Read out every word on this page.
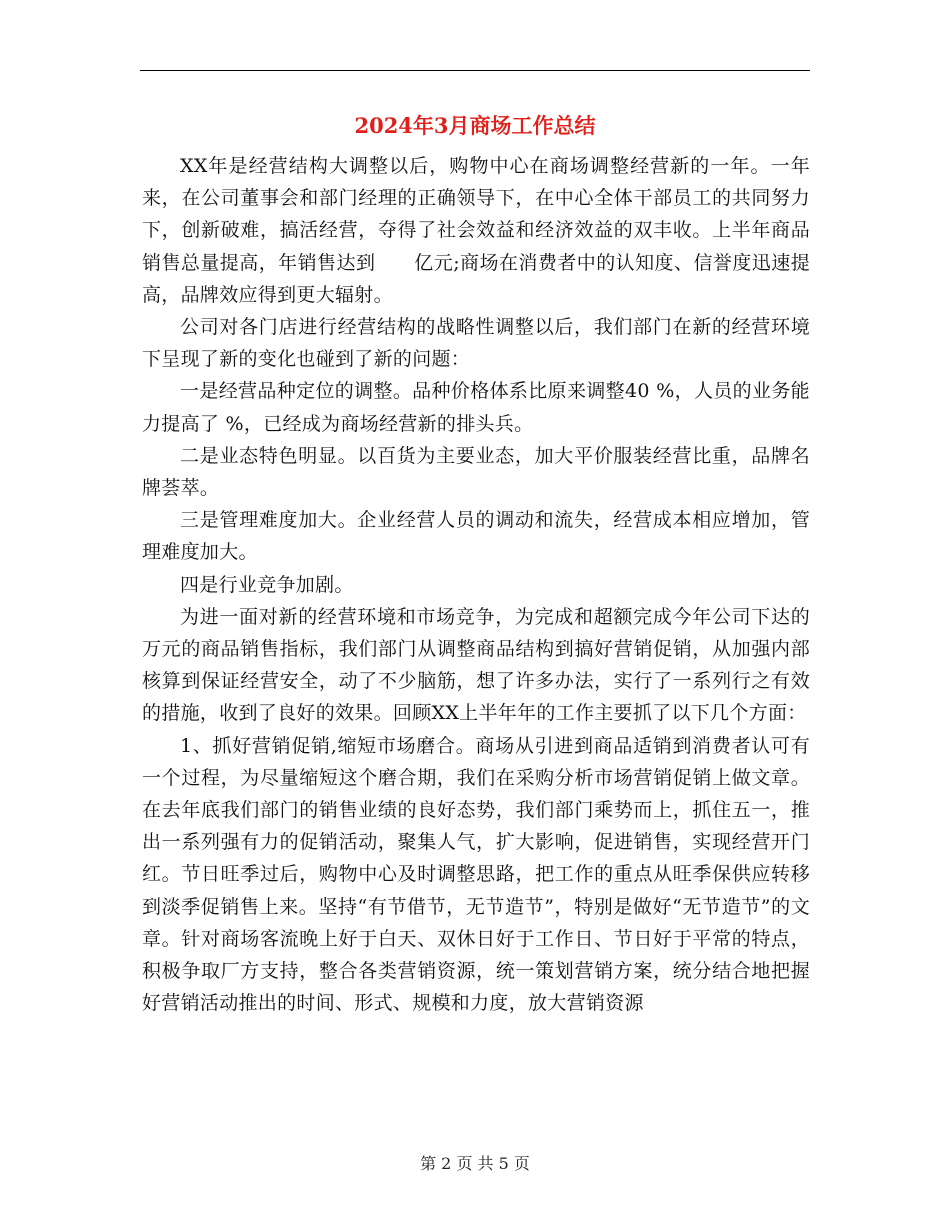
2024年3月商场工作总结

XX年是经营结构大调整以后，购物中心在商场调整经营新的一年。一年来，在公司董事会和部门经理的正确领导下，在中心全体干部员工的共同努力下，创新破难，搞活经营，夺得了社会效益和经济效益的双丰收。上半年商品销售总量提高，年销售达到　　亿元;商场在消费者中的认知度、信誉度迅速提高，品牌效应得到更大辐射。

公司对各门店进行经营结构的战略性调整以后，我们部门在新的经营环境下呈现了新的变化也碰到了新的问题：

一是经营品种定位的调整。品种价格体系比原来调整40 %，人员的业务能力提高了 %，已经成为商场经营新的排头兵。

二是业态特色明显。以百货为主要业态，加大平价服装经营比重，品牌名牌荟萃。

三是管理难度加大。企业经营人员的调动和流失，经营成本相应增加，管理难度加大。

四是行业竞争加剧。

为进一面对新的经营环境和市场竞争，为完成和超额完成今年公司下达的万元的商品销售指标，我们部门从调整商品结构到搞好营销促销，从加强内部核算到保证经营安全，动了不少脑筋，想了许多办法，实行了一系列行之有效的措施，收到了良好的效果。回顾XX上半年年的工作主要抓了以下几个方面：

1、抓好营销促销,缩短市场磨合。商场从引进到商品适销到消费者认可有一个过程，为尽量缩短这个磨合期，我们在采购分析市场营销促销上做文章。在去年底我们部门的销售业绩的良好态势，我们部门乘势而上，抓住五一，推出一系列强有力的促销活动，聚集人气，扩大影响，促进销售，实现经营开门红。节日旺季过后，购物中心及时调整思路，把工作的重点从旺季保供应转移到淡季促销售上来。坚持“有节借节，无节造节”，特别是做好“无节造节”的文章。针对商场客流晚上好于白天、双休日好于工作日、节日好于平常的特点，积极争取厂方支持，整合各类营销资源，统一策划营销方案，统分结合地把握好营销活动推出的时间、形式、规模和力度，放大营销资源

第 2 页 共 5 页
